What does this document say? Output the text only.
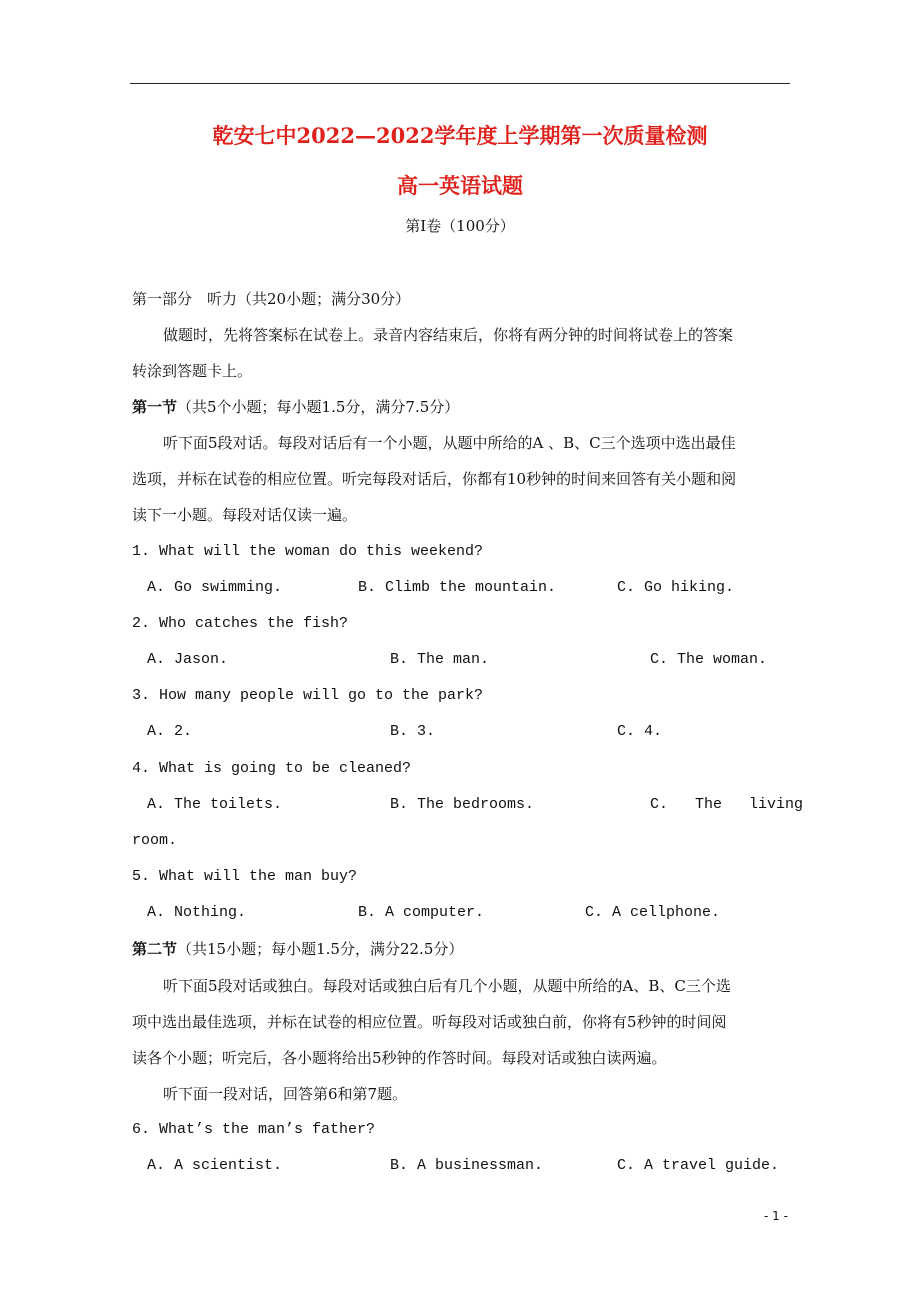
乾安七中2022—2022学年度上学期第一次质量检测
高一英语试题
第I卷（100分）
第一部分　听力（共20小题；满分30分）
做题时，先将答案标在试卷上。录音内容结束后，你将有两分钟的时间将试卷上的答案
转涂到答题卡上。
第一节（共5个小题；每小题1.5分，满分7.5分）
听下面5段对话。每段对话后有一个小题，从题中所给的A 、B、C三个选项中选出最佳
选项，并标在试卷的相应位置。听完每段对话后，你都有10秒钟的时间来回答有关小题和阅
读下一小题。每段对话仅读一遍。
1. What will the woman do this weekend?
A. Go swimming.	B. Climb the mountain.	C. Go hiking.
2. Who catches the fish?
A. Jason.	B. The man.	C. The woman.
3. How many people will go to the park?
A. 2.	B. 3.	C. 4.
4. What is going to be cleaned?
A. The toilets.	B. The bedrooms.	C.   The   living
room.
5. What will the man buy?
A. Nothing.	B. A computer.	C. A cellphone.
第二节（共15小题；每小题1.5分，满分22.5分）
听下面5段对话或独白。每段对话或独白后有几个小题，从题中所给的A、B、C三个选
项中选出最佳选项，并标在试卷的相应位置。听每段对话或独白前，你将有5秒钟的时间阅
读各个小题；听完后，各小题将给出5秒钟的作答时间。每段对话或独白读两遍。
听下面一段对话，回答第6和第7题。
6. What’s the man’s father?
A. A scientist.	B. A businessman.	C. A travel guide.
- 1 -
